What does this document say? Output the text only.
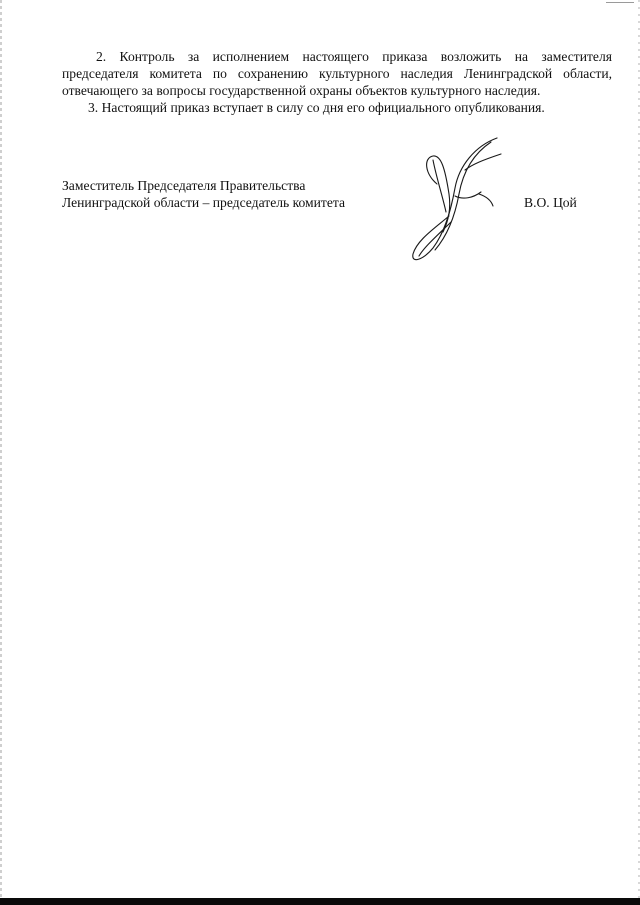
2. Контроль за исполнением настоящего приказа возложить на заместителя председателя комитета по сохранению культурного наследия Ленинградской области, отвечающего за вопросы государственной охраны объектов культурного наследия.

3. Настоящий приказ вступает в силу со дня его официального опубликования.

Заместитель Председателя Правительства
Ленинградской области – председатель комитета	В.О. Цой
